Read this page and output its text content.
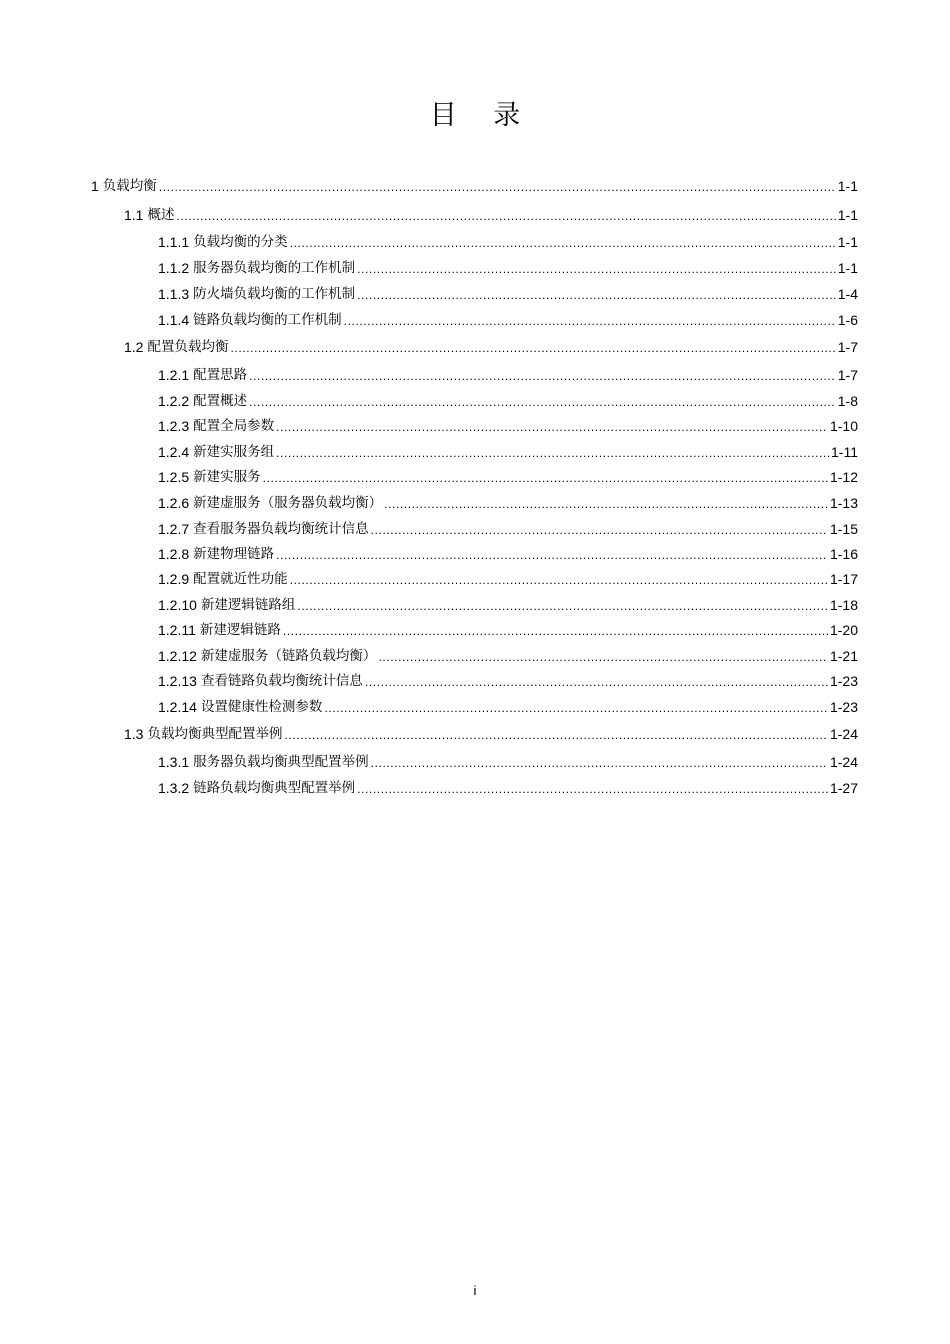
目 录
1 负载均衡 .....	1-1
1.1 概述 .....	1-1
1.1.1 负载均衡的分类 .....	1-1
1.1.2 服务器负载均衡的工作机制 .....	1-1
1.1.3 防火墙负载均衡的工作机制 .....	1-4
1.1.4 链路负载均衡的工作机制 .....	1-6
1.2 配置负载均衡 .....	1-7
1.2.1 配置思路 .....	1-7
1.2.2 配置概述 .....	1-8
1.2.3 配置全局参数 .....	1-10
1.2.4 新建实服务组 .....	1-11
1.2.5 新建实服务 .....	1-12
1.2.6 新建虚服务（服务器负载均衡） .....	1-13
1.2.7 查看服务器负载均衡统计信息 .....	1-15
1.2.8 新建物理链路 .....	1-16
1.2.9 配置就近性功能 .....	1-17
1.2.10 新建逻辑链路组 .....	1-18
1.2.11 新建逻辑链路 .....	1-20
1.2.12 新建虚服务（链路负载均衡） .....	1-21
1.2.13 查看链路负载均衡统计信息 .....	1-23
1.2.14 设置健康性检测参数 .....	1-23
1.3 负载均衡典型配置举例 .....	1-24
1.3.1 服务器负载均衡典型配置举例 .....	1-24
1.3.2 链路负载均衡典型配置举例 .....	1-27
i
